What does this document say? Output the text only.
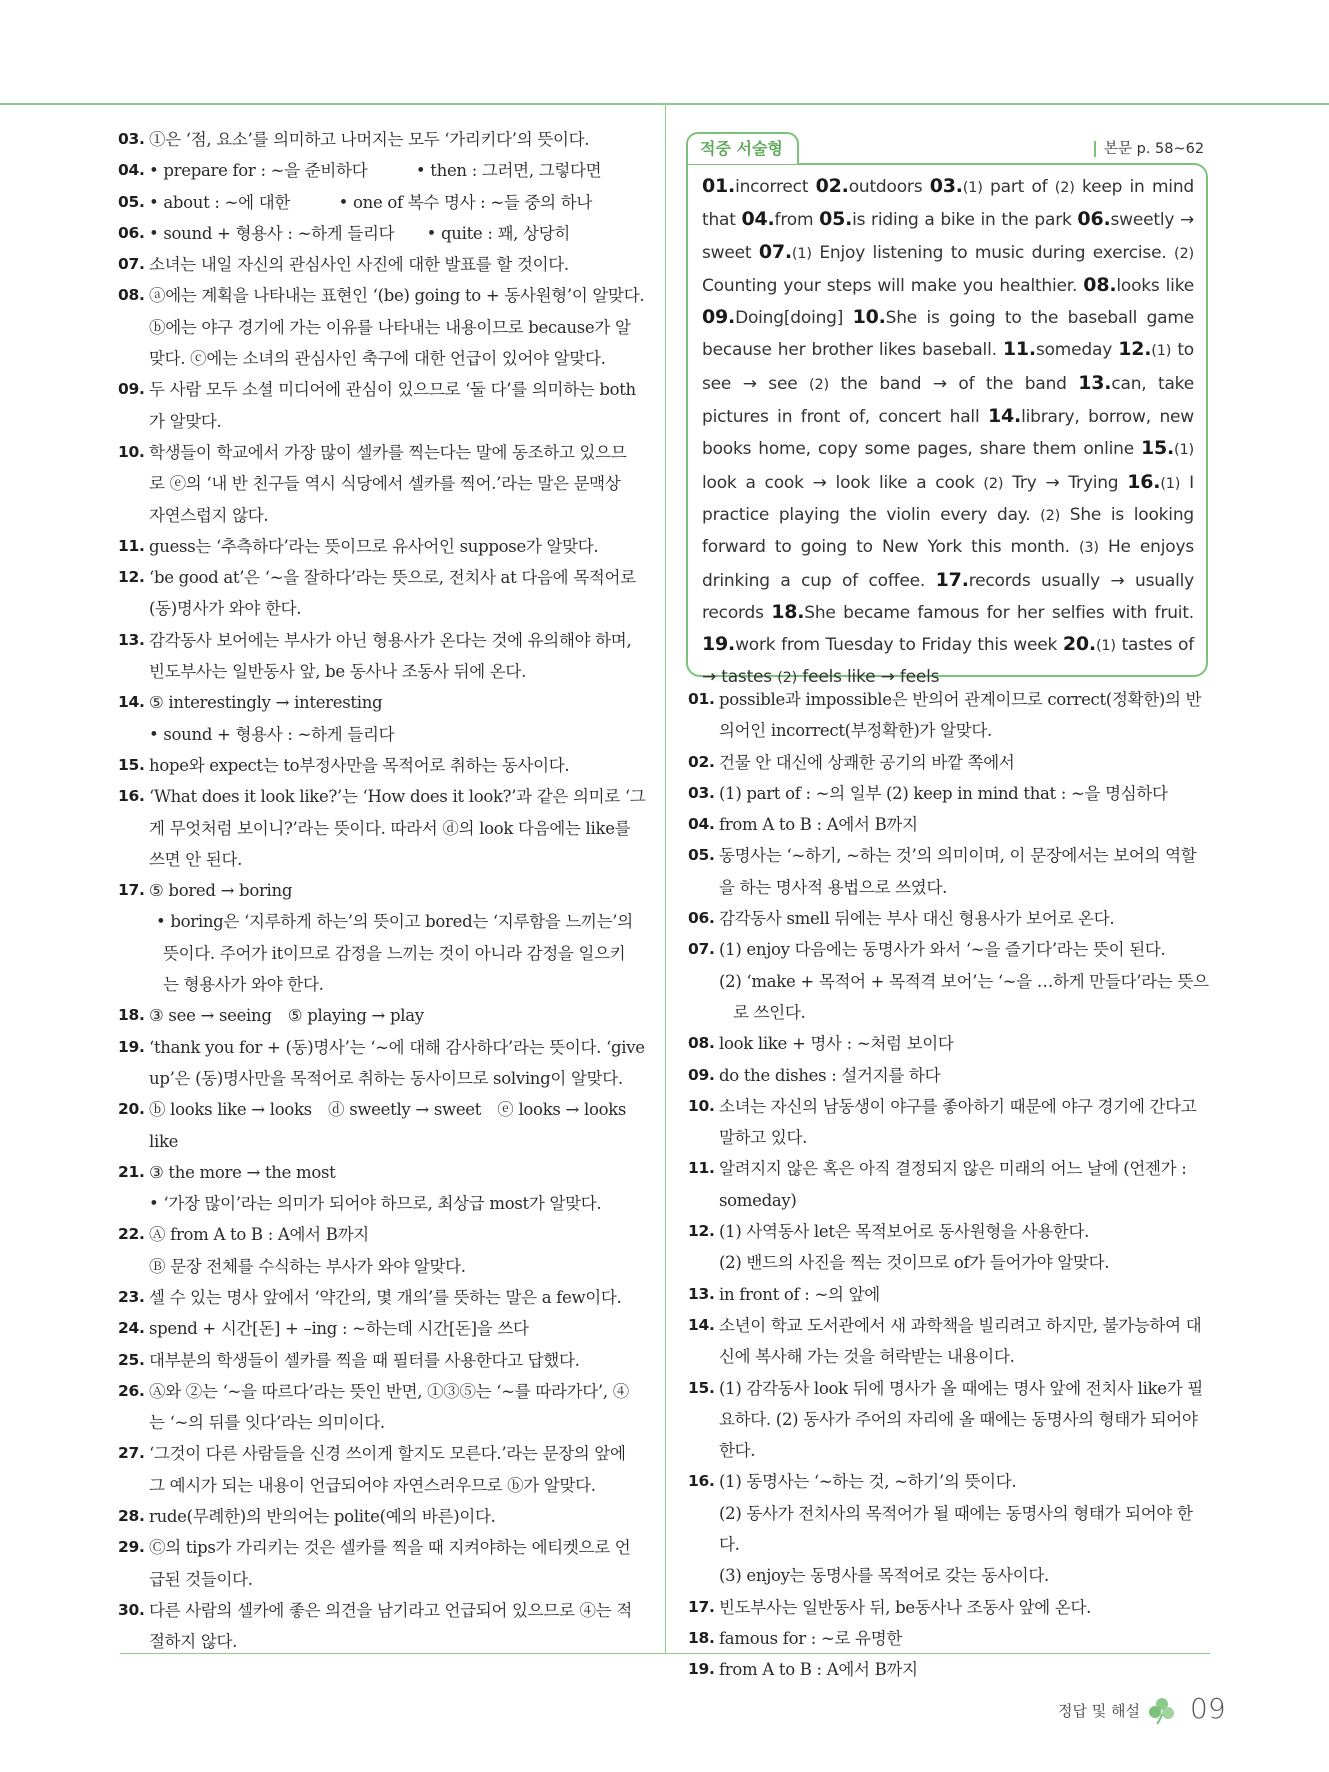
03. ①은 ‘점, 요소’를 의미하고 나머지는 모두 ‘가리키다’의 뜻이다.
04. • prepare for : ~을 준비하다　　　• then : 그러면, 그렇다면
05. • about : ~에 대한　　　• one of 복수 명사 : ~들 중의 하나
06. • sound + 형용사 : ~하게 들리다　　• quite : 꽤, 상당히
07. 소녀는 내일 자신의 관심사인 사진에 대한 발표를 할 것이다.
08. ⓐ에는 계획을 나타내는 표현인 ‘(be) going to + 동사원형’이 알맞다.
ⓑ에는 야구 경기에 가는 이유를 나타내는 내용이므로 because가 알
맞다. ⓒ에는 소녀의 관심사인 축구에 대한 언급이 있어야 알맞다.
09. 두 사람 모두 소셜 미디어에 관심이 있으므로 ‘둘 다’를 의미하는 both
가 알맞다.
10. 학생들이 학교에서 가장 많이 셀카를 찍는다는 말에 동조하고 있으므
로 ⓔ의 ‘내 반 친구들 역시 식당에서 셀카를 찍어.’라는 말은 문맥상
자연스럽지 않다.
11. guess는 ‘추측하다’라는 뜻이므로 유사어인 suppose가 알맞다.
12. ‘be good at’은 ‘~을 잘하다’라는 뜻으로, 전치사 at 다음에 목적어로
(동)명사가 와야 한다.
13. 감각동사 보어에는 부사가 아닌 형용사가 온다는 것에 유의해야 하며,
빈도부사는 일반동사 앞, be 동사나 조동사 뒤에 온다.
14. ⑤ interestingly → interesting
• sound + 형용사 : ~하게 들리다
15. hope와 expect는 to부정사만을 목적어로 취하는 동사이다.
16. ‘What does it look like?’는 ‘How does it look?’과 같은 의미로 ‘그
게 무엇처럼 보이니?’라는 뜻이다. 따라서 ⓓ의 look 다음에는 like를
쓰면 안 된다.
17. ⑤ bored → boring
• boring은 ‘지루하게 하는’의 뜻이고 bored는 ‘지루함을 느끼는’의
뜻이다. 주어가 it이므로 감정을 느끼는 것이 아니라 감정을 일으키
는 형용사가 와야 한다.
18. ③ see → seeing　⑤ playing → play
19. ‘thank you for + (동)명사’는 ‘~에 대해 감사하다’라는 뜻이다. ‘give
up’은 (동)명사만을 목적어로 취하는 동사이므로 solving이 알맞다.
20. ⓑ looks like → looks　ⓓ sweetly → sweet　ⓔ looks → looks like
21. ③ the more → the most
• ‘가장 많이’라는 의미가 되어야 하므로, 최상급 most가 알맞다.
22. Ⓐ from A to B : A에서 B까지
Ⓑ 문장 전체를 수식하는 부사가 와야 알맞다.
23. 셀 수 있는 명사 앞에서 ‘약간의, 몇 개의’를 뜻하는 말은 a few이다.
24. spend + 시간[돈] + –ing : ~하는데 시간[돈]을 쓰다
25. 대부분의 학생들이 셀카를 찍을 때 필터를 사용한다고 답했다.
26. Ⓐ와 ②는 ‘~을 따르다’라는 뜻인 반면, ①③⑤는 ‘~를 따라가다’, ④
는 ‘~의 뒤를 잇다’라는 의미이다.
27. ‘그것이 다른 사람들을 신경 쓰이게 할지도 모른다.’라는 문장의 앞에
그 예시가 되는 내용이 언급되어야 자연스러우므로 ⓑ가 알맞다.
28. rude(무례한)의 반의어는 polite(예의 바른)이다.
29. Ⓒ의 tips가 가리키는 것은 셀카를 찍을 때 지켜야하는 에티켓으로 언
급된 것들이다.
30. 다른 사람의 셀카에 좋은 의견을 남기라고 언급되어 있으므로 ④는 적
절하지 않다.
적중 서술형	본문 p. 58~62
01.incorrect 02.outdoors 03.(1) part of (2) keep in mind that 04.from 05.is riding a bike in the park 06.sweetly → sweet 07.(1) Enjoy listening to music during exercise. (2) Counting your steps will make you healthier. 08.looks like 09.Doing[doing] 10.She is going to the baseball game because her brother likes baseball. 11.someday 12.(1) to see → see (2) the band → of the band 13.can, take pictures in front of, concert hall 14.library, borrow, new books home, copy some pages, share them online 15.(1) look a cook → look like a cook (2) Try → Trying 16.(1) I practice playing the violin every day. (2) She is looking forward to going to New York this month. (3) He enjoys drinking a cup of coffee. 17.records usually → usually records 18.She became famous for her selfies with fruit. 19.work from Tuesday to Friday this week 20.(1) tastes of → tastes (2) feels like → feels
01. possible과 impossible은 반의어 관계이므로 correct(정확한)의 반
의어인 incorrect(부정확한)가 알맞다.
02. 건물 안 대신에 상쾌한 공기의 바깥 쪽에서
03. (1) part of : ~의 일부 (2) keep in mind that : ~을 명심하다
04. from A to B : A에서 B까지
05. 동명사는 ‘~하기, ~하는 것’의 의미이며, 이 문장에서는 보어의 역할
을 하는 명사적 용법으로 쓰였다.
06. 감각동사 smell 뒤에는 부사 대신 형용사가 보어로 온다.
07. (1) enjoy 다음에는 동명사가 와서 ‘~을 즐기다’라는 뜻이 된다.
(2) ‘make + 목적어 + 목적격 보어’는 ‘~을 …하게 만들다’라는 뜻으
로 쓰인다.
08. look like + 명사 : ~처럼 보이다
09. do the dishes : 설거지를 하다
10. 소녀는 자신의 남동생이 야구를 좋아하기 때문에 야구 경기에 간다고
말하고 있다.
11. 알려지지 않은 혹은 아직 결정되지 않은 미래의 어느 날에 (언젠가 :
someday)
12. (1) 사역동사 let은 목적보어로 동사원형을 사용한다.
(2) 밴드의 사진을 찍는 것이므로 of가 들어가야 알맞다.
13. in front of : ~의 앞에
14. 소년이 학교 도서관에서 새 과학책을 빌리려고 하지만, 불가능하여 대
신에 복사해 가는 것을 허락받는 내용이다.
15. (1) 감각동사 look 뒤에 명사가 올 때에는 명사 앞에 전치사 like가 필
요하다. (2) 동사가 주어의 자리에 올 때에는 동명사의 형태가 되어야
한다.
16. (1) 동명사는 ‘~하는 것, ~하기’의 뜻이다.
(2) 동사가 전치사의 목적어가 될 때에는 동명사의 형태가 되어야 한다.
(3) enjoy는 동명사를 목적어로 갖는 동사이다.
17. 빈도부사는 일반동사 뒤, be동사나 조동사 앞에 온다.
18. famous for : ~로 유명한
19. from A to B : A에서 B까지
정답 및 해설 09
